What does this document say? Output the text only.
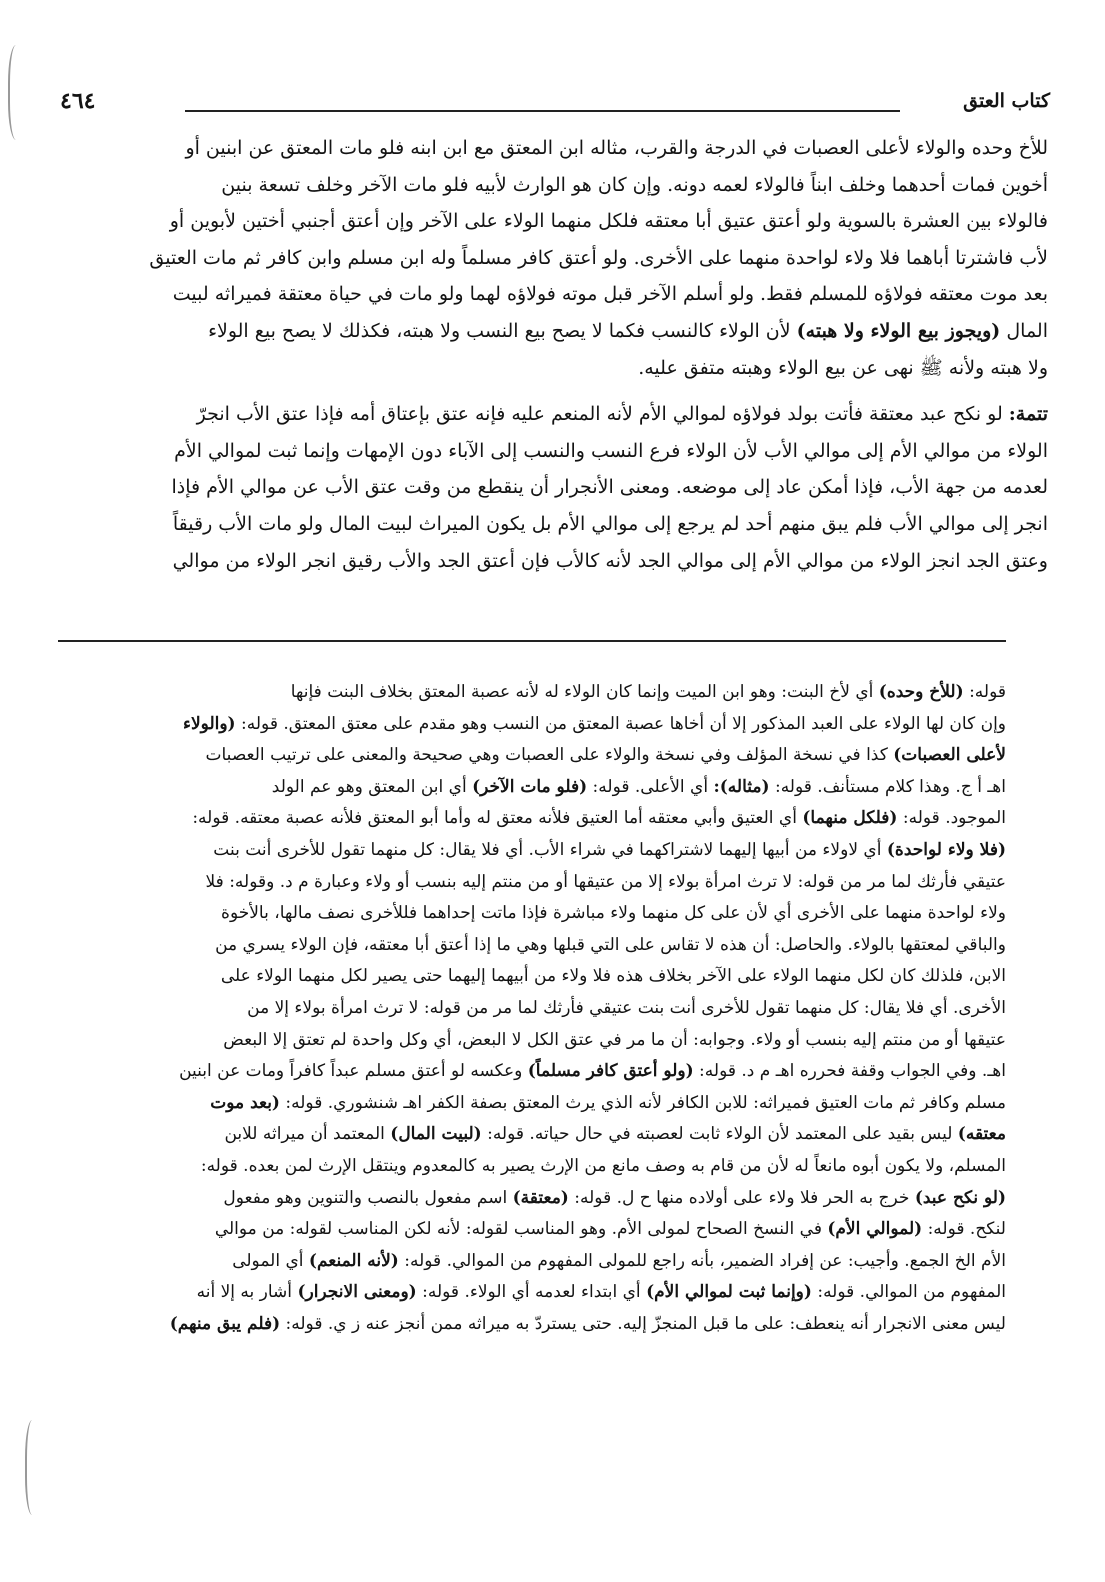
كتاب العتق
٤٦٤

للأخ وحده والولاء لأعلى العصبات في الدرجة والقرب، مثاله ابن المعتق مع ابن ابنه فلو مات المعتق عن ابنين أو

أخوين فمات أحدهما وخلف ابناً فالولاء لعمه دونه. وإن كان هو الوارث لأبيه فلو مات الآخر وخلف تسعة بنين

فالولاء بين العشرة بالسوية ولو أعتق عتيق أبا معتقه فلكل منهما الولاء على الآخر وإن أعتق أجنبي أختين لأبوين أو

لأب فاشترتا أباهما فلا ولاء لواحدة منهما على الأخرى. ولو أعتق كافر مسلماً وله ابن مسلم وابن كافر ثم مات العتيق

بعد موت معتقه فولاؤه للمسلم فقط. ولو أسلم الآخر قبل موته فولاؤه لهما ولو مات في حياة معتقة فميراثه لبيت

المال (ويجوز بيع الولاء ولا هبته) لأن الولاء كالنسب فكما لا يصح بيع النسب ولا هبته، فكذلك لا يصح بيع الولاء

ولا هبته ولأنه ﷺ نهى عن بيع الولاء وهبته متفق عليه.

تتمة: لو نكح عبد معتقة فأتت بولد فولاؤه لموالي الأم لأنه المنعم عليه فإنه عتق بإعتاق أمه فإذا عتق الأب انجرّ

الولاء من موالي الأم إلى موالي الأب لأن الولاء فرع النسب والنسب إلى الآباء دون الإمهات وإنما ثبت لموالي الأم

لعدمه من جهة الأب، فإذا أمكن عاد إلى موضعه. ومعنى الأنجرار أن ينقطع من وقت عتق الأب عن موالي الأم فإذا

انجر إلى موالي الأب فلم يبق منهم أحد لم يرجع إلى موالي الأم بل يكون الميراث لبيت المال ولو مات الأب رقيقاً

وعتق الجد انجز الولاء من موالي الأم إلى موالي الجد لأنه كالأب فإن أعتق الجد والأب رقيق انجر الولاء من موالي

قوله: (للأخ وحده) أي لأخ البنت: وهو ابن الميت وإنما كان الولاء له لأنه عصبة المعتق بخلاف البنت فإنها

وإن كان لها الولاء على العبد المذكور إلا أن أخاها عصبة المعتق من النسب وهو مقدم على معتق المعتق. قوله: (والولاء

لأعلى العصبات) كذا في نسخة المؤلف وفي نسخة والولاء على العصبات وهي صحيحة والمعنى على ترتيب العصبات

اهـ أ ج. وهذا كلام مستأنف. قوله: (مثاله): أي الأعلى. قوله: (فلو مات الآخر) أي ابن المعتق وهو عم الولد

الموجود. قوله: (فلكل منهما) أي العتيق وأبي معتقه أما العتيق فلأنه معتق له وأما أبو المعتق فلأنه عصبة معتقه. قوله:

(فلا ولاء لواحدة) أي لاولاء من أبيها إليهما لاشتراكهما في شراء الأب. أي فلا يقال: كل منهما تقول للأخرى أنت بنت

عتيقي فأرثك لما مر من قوله: لا ترث امرأة بولاء إلا من عتيقها أو من منتم إليه بنسب أو ولاء وعبارة م د. وقوله: فلا

ولاء لواحدة منهما على الأخرى أي لأن على كل منهما ولاء مباشرة فإذا ماتت إحداهما فللأخرى نصف مالها، بالأخوة

والباقي لمعتقها بالولاء. والحاصل: أن هذه لا تقاس على التي قبلها وهي ما إذا أعتق أبا معتقه، فإن الولاء يسري من

الابن، فلذلك كان لكل منهما الولاء على الآخر بخلاف هذه فلا ولاء من أبيهما إليهما حتى يصير لكل منهما الولاء على

الأخرى. أي فلا يقال: كل منهما تقول للأخرى أنت بنت عتيقي فأرثك لما مر من قوله: لا ترث امرأة بولاء إلا من

عتيقها أو من منتم إليه بنسب أو ولاء. وجوابه: أن ما مر في عتق الكل لا البعض، أي وكل واحدة لم تعتق إلا البعض

اهـ. وفي الجواب وقفة فحرره اهـ م د. قوله: (ولو أعتق كافر مسلماً) وعكسه لو أعتق مسلم عبداً كافراً ومات عن ابنين

مسلم وكافر ثم مات العتيق فميراثه: للابن الكافر لأنه الذي يرث المعتق بصفة الكفر اهـ شنشوري. قوله: (بعد موت

معتقه) ليس بقيد على المعتمد لأن الولاء ثابت لعصبته في حال حياته. قوله: (لبيت المال) المعتمد أن ميراثه للابن

المسلم، ولا يكون أبوه مانعاً له لأن من قام به وصف مانع من الإرث يصير به كالمعدوم وينتقل الإرث لمن بعده. قوله:

(لو نكح عبد) خرج به الحر فلا ولاء على أولاده منها ح ل. قوله: (معتقة) اسم مفعول بالنصب والتنوين وهو مفعول

لنكح. قوله: (لموالي الأم) في النسخ الصحاح لمولى الأم. وهو المناسب لقوله: لأنه لكن المناسب لقوله: من موالي

الأم الخ الجمع. وأجيب: عن إفراد الضمير، بأنه راجع للمولى المفهوم من الموالي. قوله: (لأنه المنعم) أي المولى

المفهوم من الموالي. قوله: (وإنما ثبت لموالي الأم) أي ابتداء لعدمه أي الولاء. قوله: (ومعنى الانجرار) أشار به إلا أنه

ليس معنى الانجرار أنه ينعطف: على ما قبل المنجزّ إليه. حتى يستردّ به ميراثه ممن أنجز عنه ز ي. قوله: (فلم يبق منهم)
